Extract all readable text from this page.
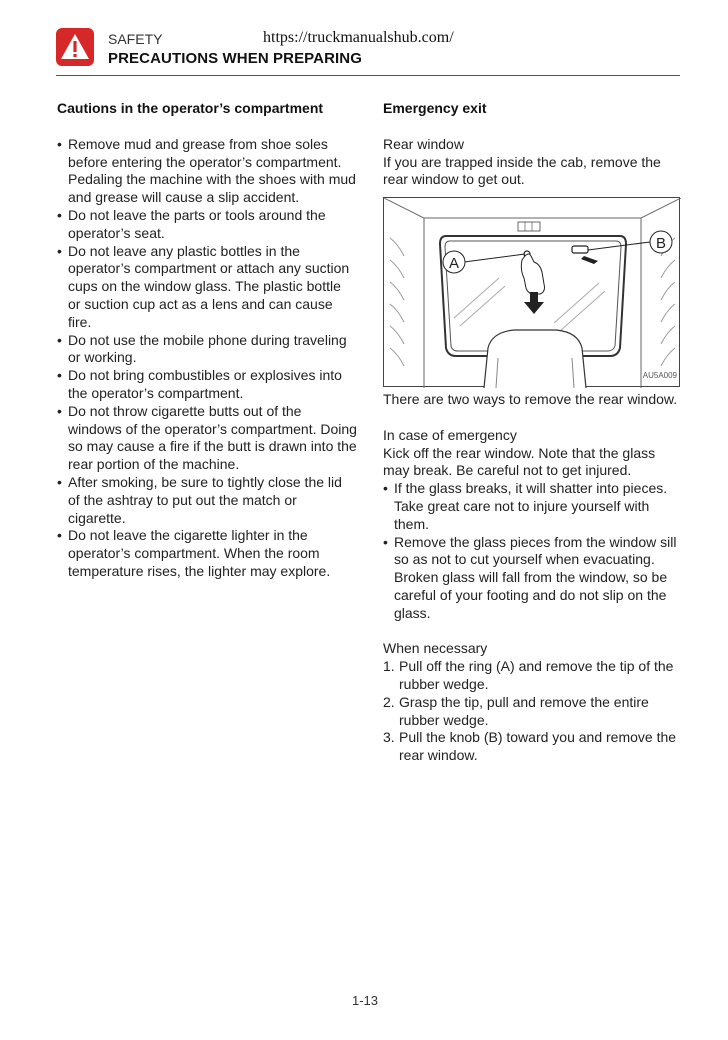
SAFETY	https://truckmanualshub.com/
PRECAUTIONS WHEN PREPARING
Cautions in the operator’s compartment

• Remove mud and grease from shoe soles before entering the operator’s compartment.

Pedaling the machine with the shoes with mud and grease will cause a slip accident.

• Do not leave the parts or tools around the operator’s seat.

• Do not leave any plastic bottles in the operator’s compartment or attach any suction cups on the window glass. The plastic bottle or suction cup act as a lens and can cause fire.

• Do not use the mobile phone during traveling or working.

• Do not bring combustibles or explosives into the operator’s compartment.

• Do not throw cigarette butts out of the windows of the operator’s compartment. Doing so may cause a fire if the butt is drawn into the rear portion of the machine.

• After smoking, be sure to tightly close the lid of the ashtray to put out the match or cigarette.

• Do not leave the cigarette lighter in the operator’s compartment. When the room temperature rises, the lighter may explore.

Emergency exit

Rear window

If you are trapped inside the cab, remove the rear window to get out.

A
B
AU5A009

There are two ways to remove the rear window.

In case of emergency

Kick off the rear window. Note that the glass may break. Be careful not to get injured.

• If the glass breaks, it will shatter into pieces. Take great care not to injure yourself with them.
• Remove the glass pieces from the window sill so as not to cut yourself when evacuating. Broken glass will fall from the window, so be careful of your footing and do not slip on the glass.

When necessary

1. Pull off the ring (A) and remove the tip of the rubber wedge.
2. Grasp the tip, pull and remove the entire rubber wedge.
3. Pull the knob (B) toward you and remove the rear window.
1-13
